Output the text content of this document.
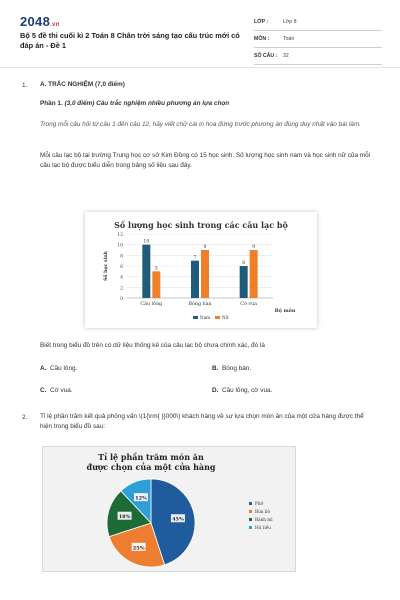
2048.vn
Bộ 5 đề thi cuối kì 2 Toán 8 Chân trời sáng tạo cấu trúc mới có đáp án - Đề 1
LỚP :	Lớp 8
MÔN :	Toán
SỐ CÂU :	32
1. A. TRẮC NGHIỆM (7,0 điểm)
Phần 1. (3,0 điểm) Câu trắc nghiệm nhiều phương án lựa chọn
Trong mỗi câu hỏi từ câu 1 đến câu 12, hãy viết chữ cái in hoa đứng trước phương án đúng duy nhất vào bài làm.
Mỗi câu lạc bộ tại trường Trung học cơ sở Kim Đồng có 15 học sinh. Số lượng học sinh nam và học sinh nữ của mỗi câu lạc bộ được biểu diễn trong bảng số liệu sau đây.
Số lượng học sinh trong các câu lạc bộ
0
2
4
6
8
10
12
Số học sinh
Bộ môn
10
5
Cầu lông
7
9
Bóng bàn
6
9
Cờ vua
Nam	Nữ
Biết trong biểu đồ trên có dữ liệu thống kê của câu lạc bộ chưa chính xác, đó là
A. Cầu lông.	B. Bóng bàn.
C. Cờ vua.	D. Cầu lông, cờ vua.
2. Tỉ lệ phần trăm kết quả phỏng vấn \(1{\rm{ }}000\) khách hàng về sự lựa chọn món ăn của một cửa hàng được thể hiện trong biểu đồ sau:
Tỉ lệ phần trăm món ăn
được chọn của một cửa hàng
45%
25%
18%
12%
Phở
Bún bò
Bánh mì
Hủ tiếu
